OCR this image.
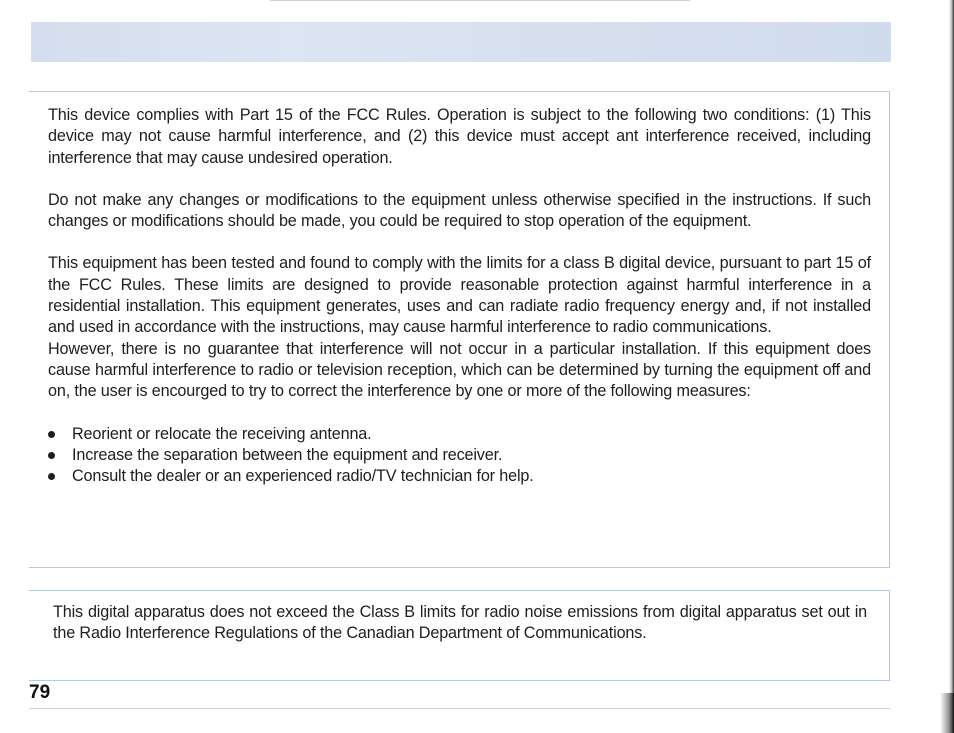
This device complies with Part 15 of the FCC Rules. Operation is subject to the following two conditions: (1) This device may not cause harmful interference, and (2) this device must accept ant interference received, including interference that may cause undesired operation.

Do not make any changes or modifications to the equipment unless otherwise specified in the instructions. If such changes or modifications should be made, you could be required to stop operation of the equipment.

This equipment has been tested and found to comply with the limits for a class B digital device, pursuant to part 15 of the FCC Rules. These limits are designed to provide reasonable protection against harmful interference in a residential installation. This equipment generates, uses and can radiate radio frequency energy and, if not installed and used in accordance with the instructions, may cause harmful interference to radio communications.

However, there is no guarantee that interference will not occur in a particular installation. If this equipment does cause harmful interference to radio or television reception, which can be determined by turning the equipment off and on, the user is encourged to try to correct the interference by one or more of the following measures:

Reorient or relocate the receiving antenna.
Increase the separation between the equipment and receiver.
Consult the dealer or an experienced radio/TV technician for help.

This digital apparatus does not exceed the Class B limits for radio noise emissions from digital apparatus set out in the Radio Interference Regulations of the Canadian Department of Communications.

79
